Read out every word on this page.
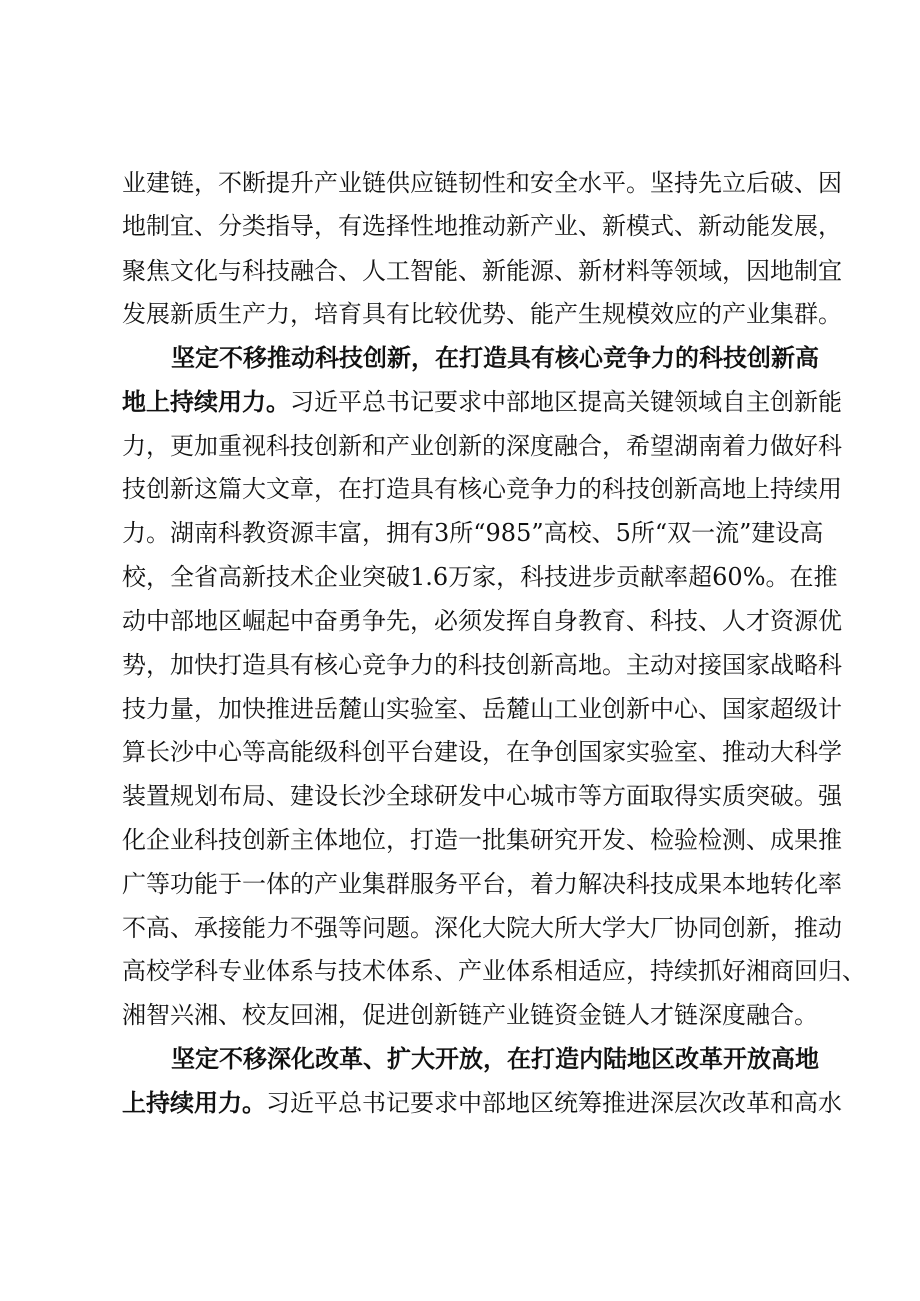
业建链，不断提升产业链供应链韧性和安全水平。坚持先立后破、因
地制宜、分类指导，有选择性地推动新产业、新模式、新动能发展，
聚焦文化与科技融合、人工智能、新能源、新材料等领域，因地制宜
发展新质生产力，培育具有比较优势、能产生规模效应的产业集群。
坚定不移推动科技创新，在打造具有核心竞争力的科技创新高
地上持续用力。习近平总书记要求中部地区提高关键领域自主创新能
力，更加重视科技创新和产业创新的深度融合，希望湖南着力做好科
技创新这篇大文章，在打造具有核心竞争力的科技创新高地上持续用
力。湖南科教资源丰富，拥有3所“985”高校、5所“双一流”建设高
校，全省高新技术企业突破1.6万家，科技进步贡献率超60%。在推
动中部地区崛起中奋勇争先，必须发挥自身教育、科技、人才资源优
势，加快打造具有核心竞争力的科技创新高地。主动对接国家战略科
技力量，加快推进岳麓山实验室、岳麓山工业创新中心、国家超级计
算长沙中心等高能级科创平台建设，在争创国家实验室、推动大科学
装置规划布局、建设长沙全球研发中心城市等方面取得实质突破。强
化企业科技创新主体地位，打造一批集研究开发、检验检测、成果推
广等功能于一体的产业集群服务平台，着力解决科技成果本地转化率
不高、承接能力不强等问题。深化大院大所大学大厂协同创新，推动
高校学科专业体系与技术体系、产业体系相适应，持续抓好湘商回归、
湘智兴湘、校友回湘，促进创新链产业链资金链人才链深度融合。
坚定不移深化改革、扩大开放，在打造内陆地区改革开放高地
上持续用力。习近平总书记要求中部地区统筹推进深层次改革和高水
